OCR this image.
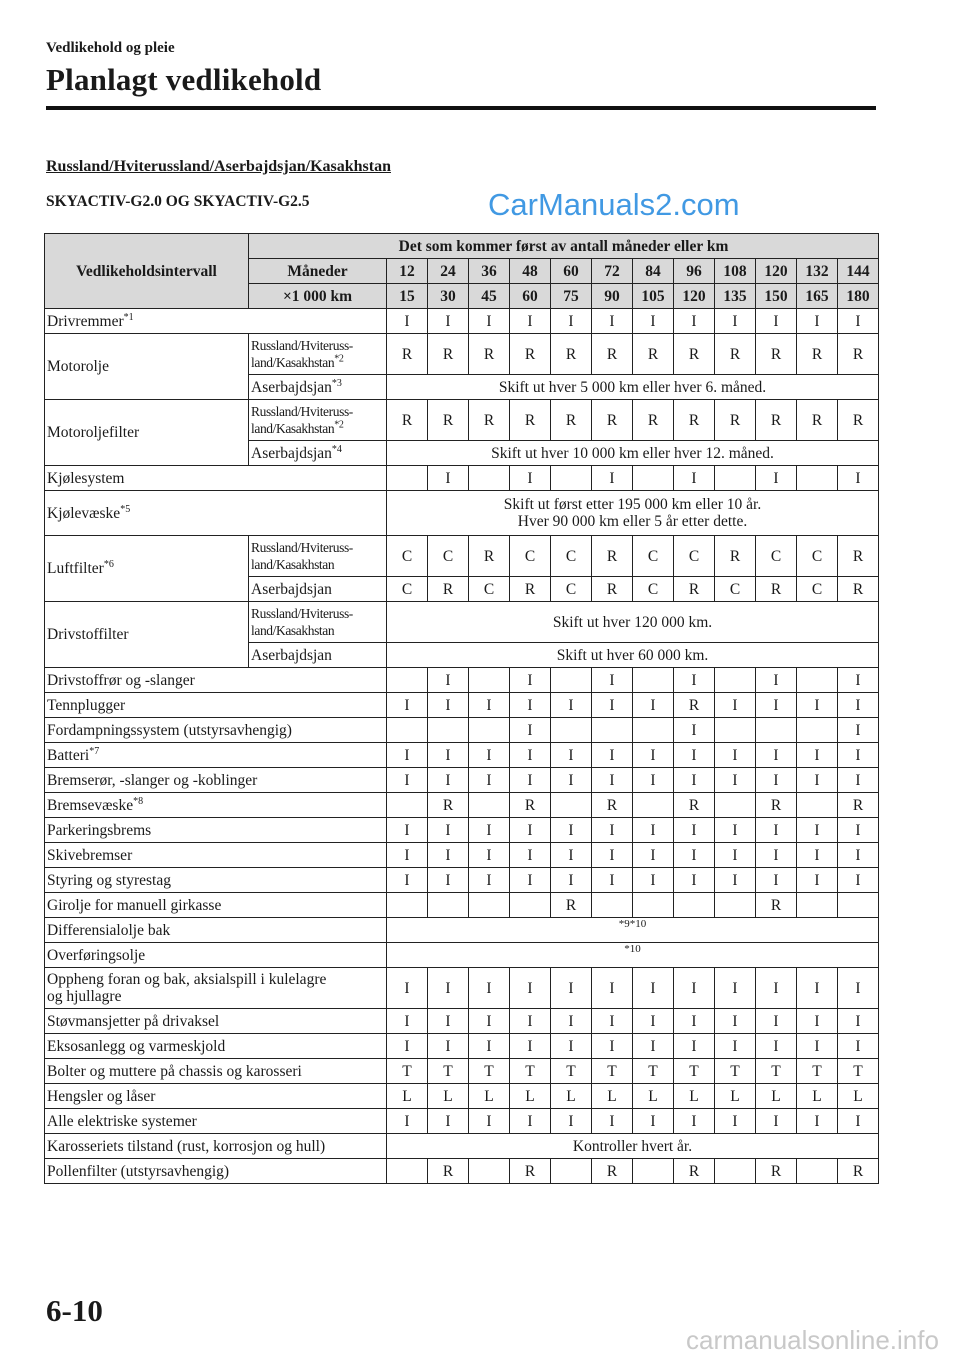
Vedlikehold og pleie
Planlagt vedlikehold
Russland/Hviterussland/Aserbajdsjan/Kasakhstan
SKYACTIV-G2.0 OG SKYACTIV-G2.5	CarManuals2.com
Vedlikeholdsintervall	Det som kommer først av antall måneder eller km												
	Måneder	12	24	36	48	60	72	84	96	108	120	132	144
	×1 000 km	15	30	45	60	75	90	105	120	135	150	165	180
Drivremmer$^{*1}$		I	I	I	I	I	I	I	I	I	I	I	I
Motorolje	Russland/Hviteruss-
land/Kasakhstan$^{*2}$	R	R	R	R	R	R	R	R	R	R	R	R
	Aserbajdsjan$^{*3}$	Skift ut hver 5 000 km eller hver 6. måned.											
Motoroljefilter	Russland/Hviteruss-
land/Kasakhstan$^{*2}$	R	R	R	R	R	R	R	R	R	R	R	R
	Aserbajdsjan$^{*4}$	Skift ut hver 10 000 km eller hver 12. måned.											
Kjølesystem			I		I		I		I		I		I
Kjølevæske$^{*5}$		Skift ut først etter 195 000 km eller 10 år.
Hver 90 000 km eller 5 år etter dette.											
Luftfilter$^{*6}$	Russland/Hviteruss-
land/Kasakhstan	C	C	R	C	C	R	C	C	R	C	C	R
	Aserbajdsjan	C	R	C	R	C	R	C	R	C	R	C	R
Drivstoffilter	Russland/Hviteruss-
land/Kasakhstan	Skift ut hver 120 000 km.											
	Aserbajdsjan	Skift ut hver 60 000 km.											
Drivstoffrør og -slanger			I		I		I		I		I		I
Tennplugger		I	I	I	I	I	I	I	R	I	I	I	I
Fordampningssystem (utstyrsavhengig)					I				I				I
Batteri$^{*7}$		I	I	I	I	I	I	I	I	I	I	I	I
Bremserør, -slanger og -koblinger		I	I	I	I	I	I	I	I	I	I	I	I
Bremsevæske$^{*8}$			R		R		R		R		R		R
Parkeringsbrems		I	I	I	I	I	I	I	I	I	I	I	I
Skivebremser		I	I	I	I	I	I	I	I	I	I	I	I
Styring og styrestag		I	I	I	I	I	I	I	I	I	I	I	I
Girolje for manuell girkasse						R					R		
Differensialolje bak		*9*10											
Overføringsolje		*10											
Oppheng foran og bak, aksialspill i kulelagre
og hjullagre		I	I	I	I	I	I	I	I	I	I	I	I
Støvmansjetter på drivaksel		I	I	I	I	I	I	I	I	I	I	I	I
Eksosanlegg og varmeskjold		I	I	I	I	I	I	I	I	I	I	I	I
Bolter og muttere på chassis og karosseri		T	T	T	T	T	T	T	T	T	T	T	T
Hengsler og låser		L	L	L	L	L	L	L	L	L	L	L	L
Alle elektriske systemer		I	I	I	I	I	I	I	I	I	I	I	I
Karosseriets tilstand (rust, korrosjon og hull)		Kontroller hvert år.											
Pollenfilter (utstyrsavhengig)			R		R		R		R		R		R
6-10
carmanualsonline.info
